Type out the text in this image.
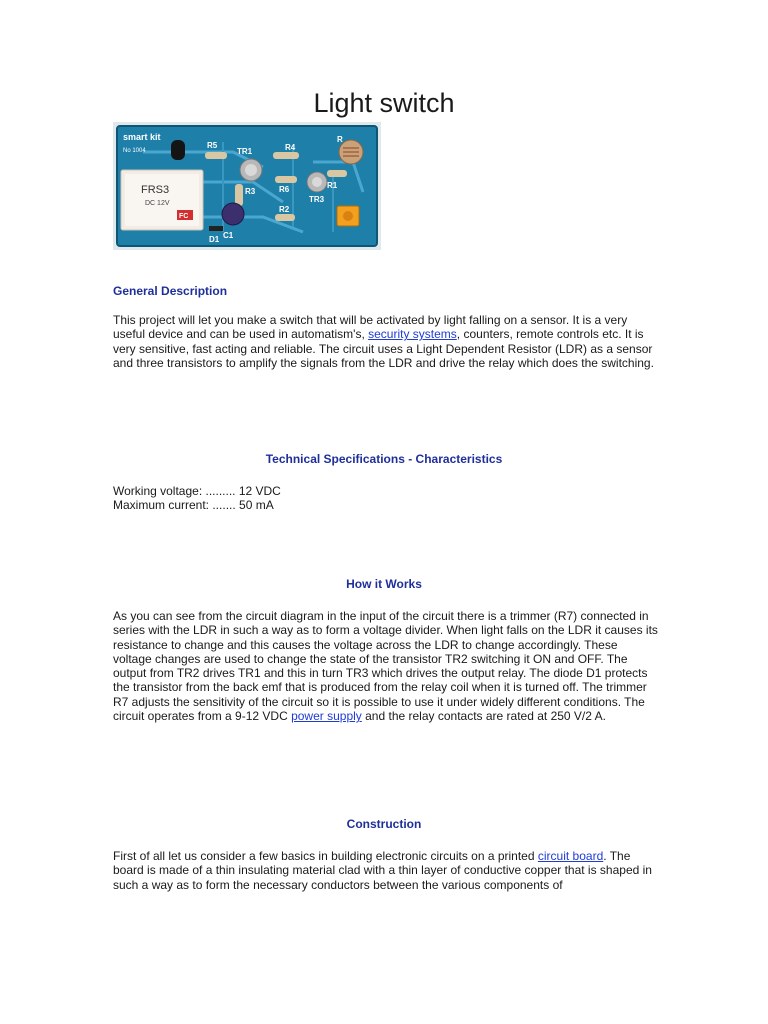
Light switch
smart kit
No 1004
FRS3
DC 12V
FC
R5
TR1	R4
R3	R6
TR3
R1
R2
C1
D1
R
General Description

This project will let you make a switch that will be activated by light falling on a sensor. It is a very useful device and can be used in automatism's, security systems, counters, remote controls etc. It is very sensitive, fast acting and reliable. The circuit uses a Light Dependent Resistor (LDR) as a sensor and three transistors to amplify the signals from the LDR and drive the relay which does the switching.

Technical Specifications - Characteristics

Working voltage: ......... 12 VDC
Maximum current: ....... 50 mA

How it Works

As you can see from the circuit diagram in the input of the circuit there is a trimmer (R7) connected in series with the LDR in such a way as to form a voltage divider. When light falls on the LDR it causes its resistance to change and this causes the voltage across the LDR to change accordingly. These voltage changes are used to change the state of the transistor TR2 switching it ON and OFF. The
output from TR2 drives TR1 and this in turn TR3 which drives the output relay. The diode D1 protects the transistor from the back emf that is produced from the relay coil when it is turned off. The trimmer R7 adjusts the sensitivity of the circuit so it is possible to use it under widely different conditions. The circuit operates from a 9-12 VDC power supply and the relay contacts are rated at 250 V/2 A.

Construction

First of all let us consider a few basics in building electronic circuits on a printed circuit board. The board is made of a thin insulating material clad with a thin layer of conductive copper that is shaped in such a way as to form the necessary conductors between the various components of
